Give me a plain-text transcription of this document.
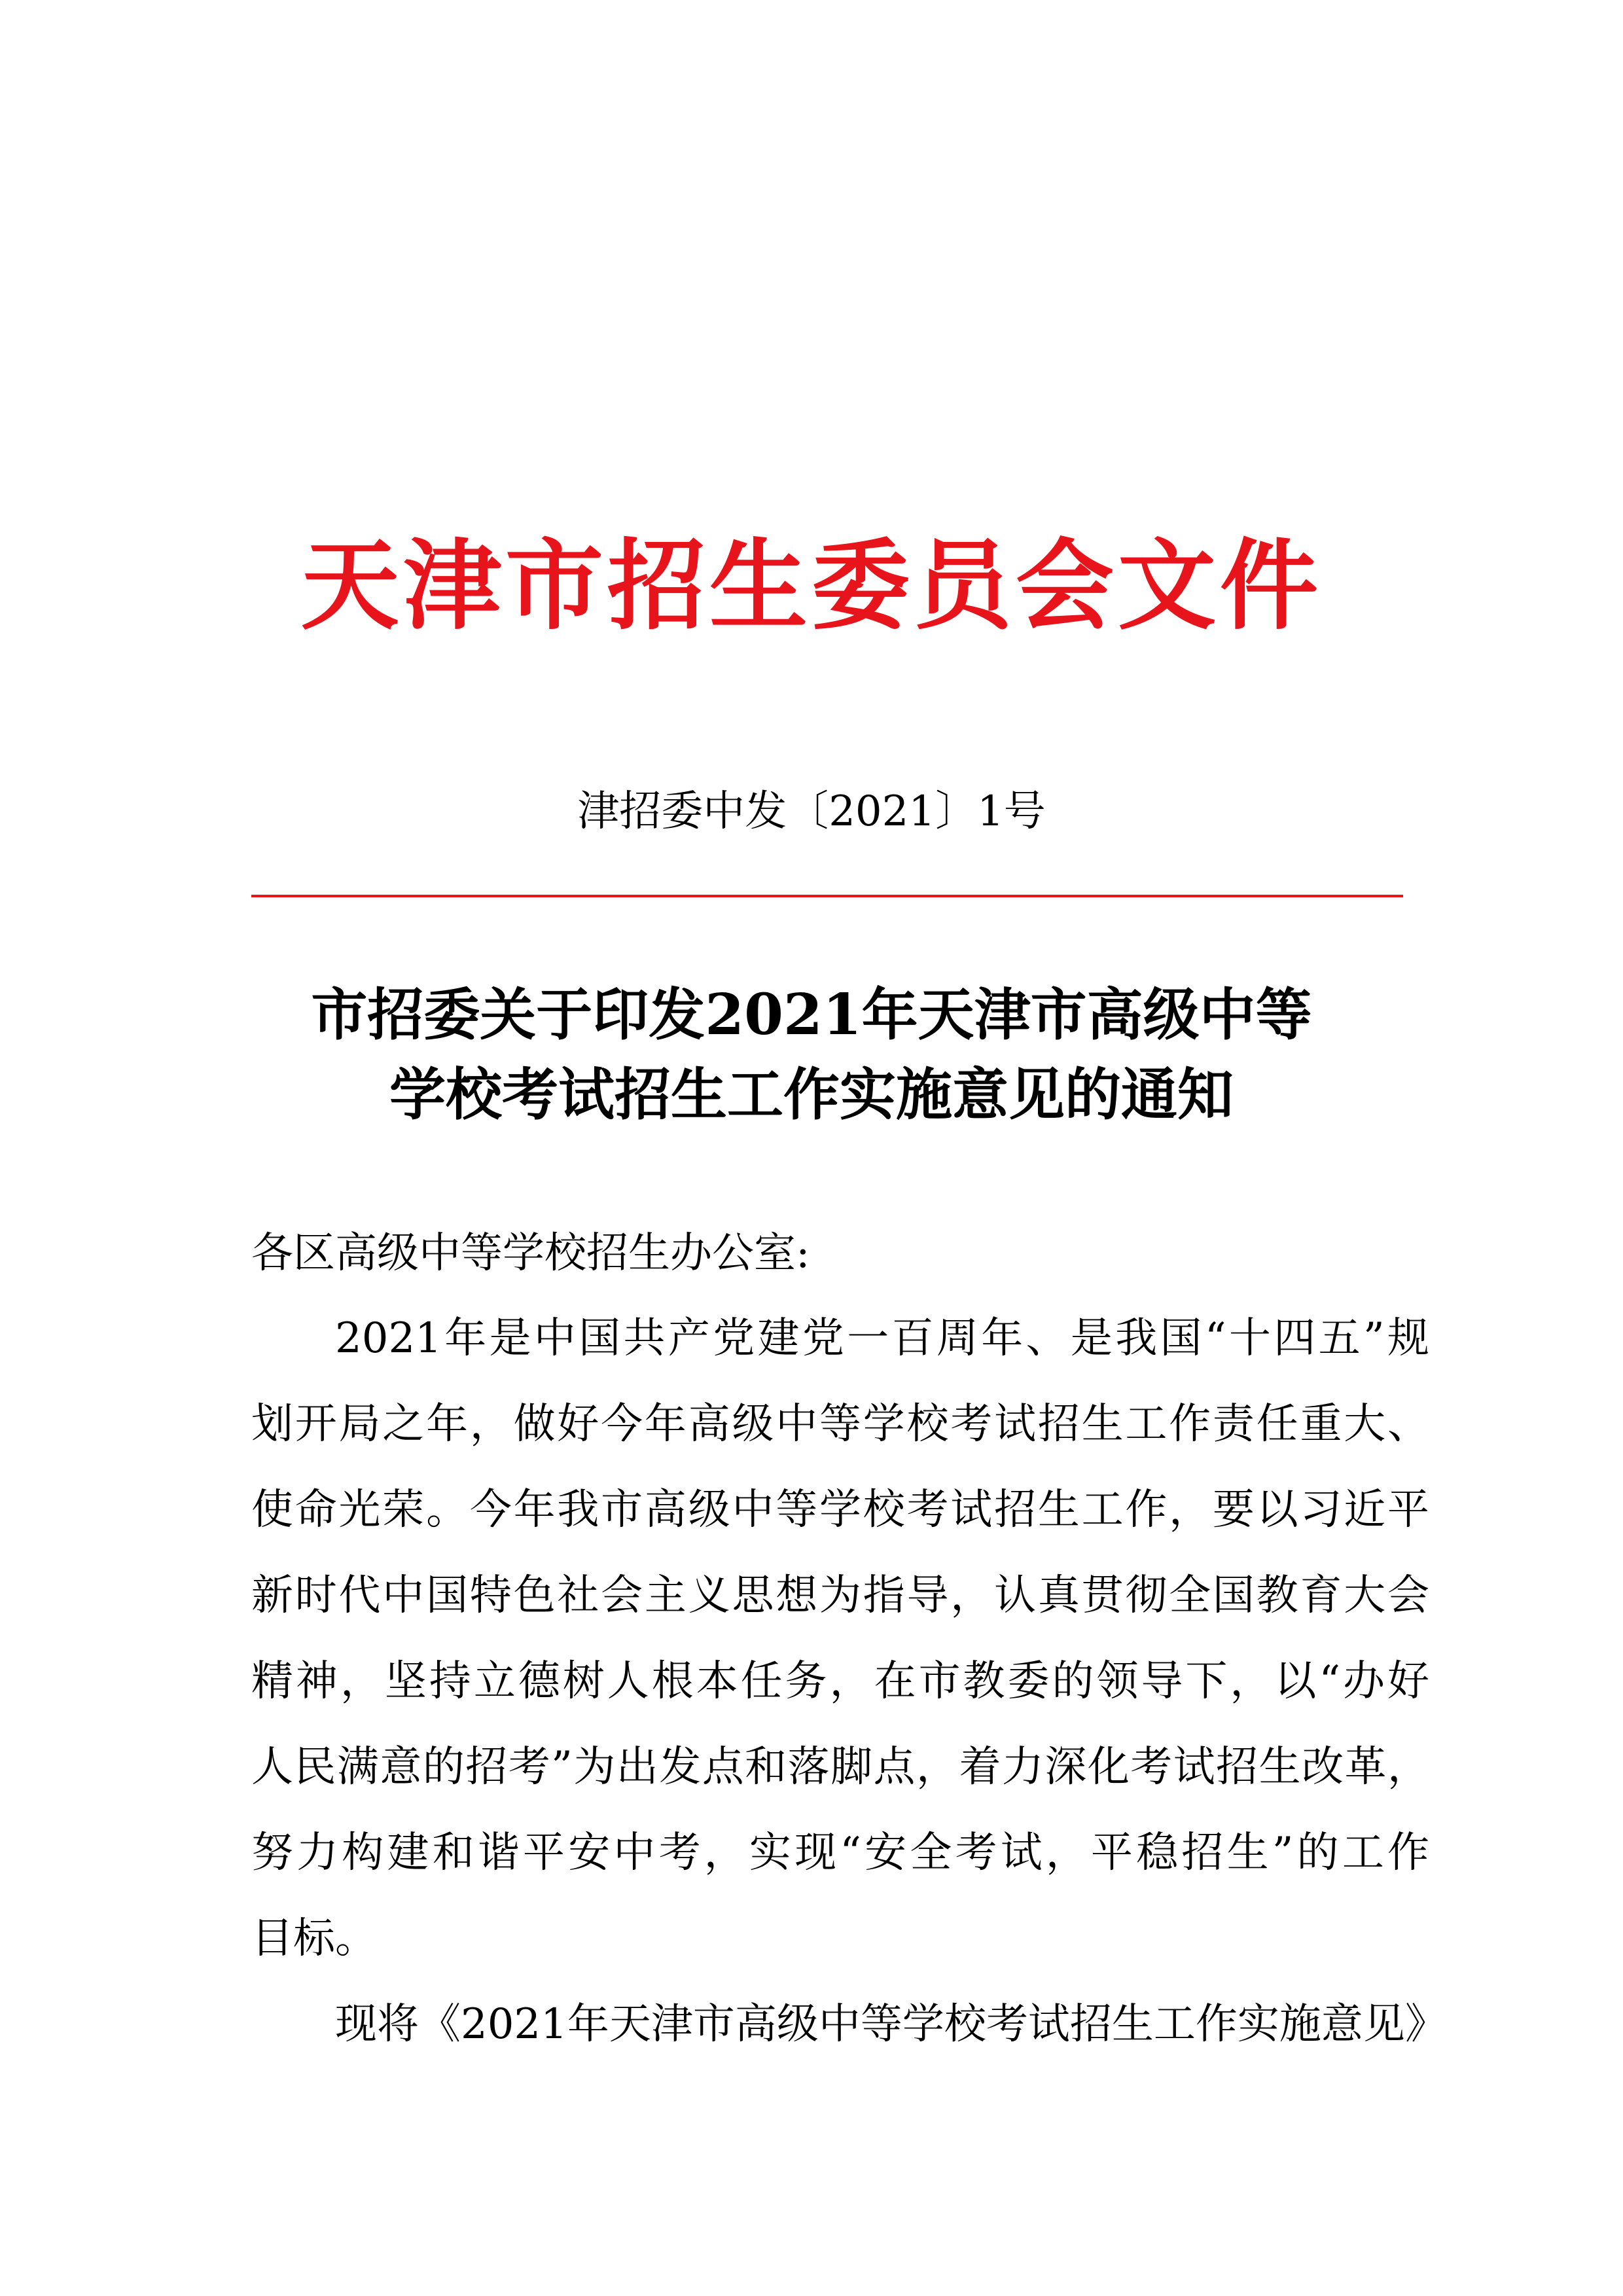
天津市招生委员会文件
津招委中发〔2021〕1号
市招委关于印发2021年天津市高级中等
学校考试招生工作实施意见的通知
各区高级中等学校招生办公室:
2021年是中国共产党建党一百周年、是我国“十四五”规
划开局之年，做好今年高级中等学校考试招生工作责任重大、
使命光荣。今年我市高级中等学校考试招生工作，要以习近平
新时代中国特色社会主义思想为指导，认真贯彻全国教育大会
精神，坚持立德树人根本任务，在市教委的领导下，以“办好
人民满意的招考”为出发点和落脚点，着力深化考试招生改革，
努力构建和谐平安中考，实现“安全考试，平稳招生”的工作
目标。
现将《2021年天津市高级中等学校考试招生工作实施意见》
